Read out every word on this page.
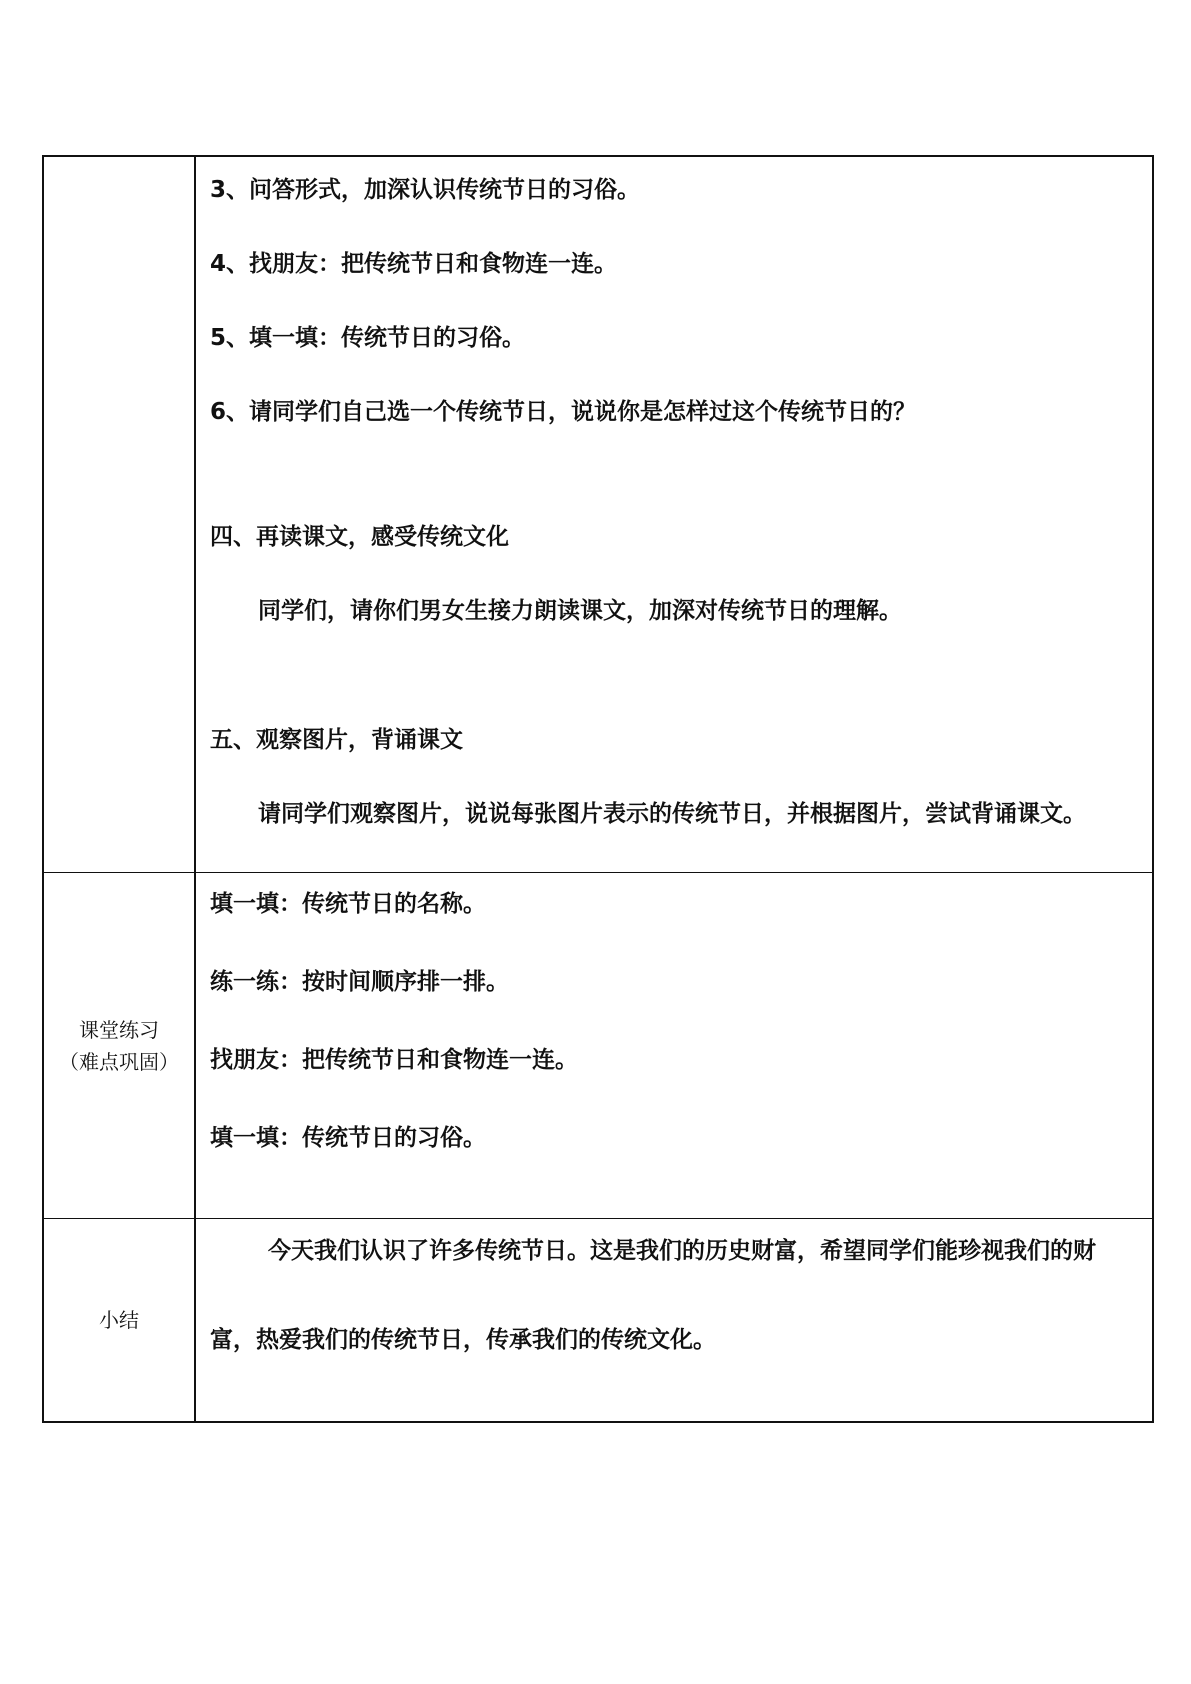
3、问答形式，加深认识传统节日的习俗。
4、找朋友：把传统节日和食物连一连。
5、填一填：传统节日的习俗。
6、请同学们自己选一个传统节日，说说你是怎样过这个传统节日的？
四、再读课文，感受传统文化
同学们，请你们男女生接力朗读课文，加深对传统节日的理解。
五、观察图片，背诵课文
请同学们观察图片，说说每张图片表示的传统节日，并根据图片，尝试背诵课文。
课堂练习
（难点巩固）
填一填：传统节日的名称。
练一练：按时间顺序排一排。
找朋友：把传统节日和食物连一连。
填一填：传统节日的习俗。
小结
今天我们认识了许多传统节日。这是我们的历史财富，希望同学们能珍视我们的财
富，热爱我们的传统节日，传承我们的传统文化。
